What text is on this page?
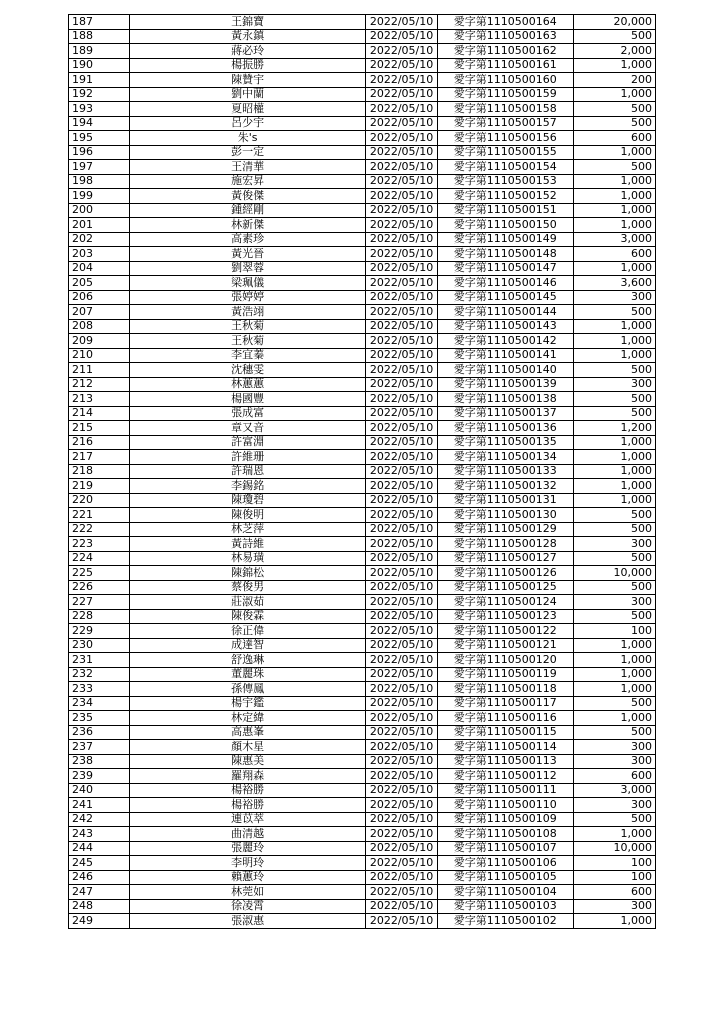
187	王錦寶	2022/05/10	愛字第1110500164	20,000
188	黃永鎮	2022/05/10	愛字第1110500163	500
189	蔣必玲	2022/05/10	愛字第1110500162	2,000
190	楊振勝	2022/05/10	愛字第1110500161	1,000
191	陳贊宇	2022/05/10	愛字第1110500160	200
192	劉中蘭	2022/05/10	愛字第1110500159	1,000
193	夏昭權	2022/05/10	愛字第1110500158	500
194	呂少宇	2022/05/10	愛字第1110500157	500
195	朱's	2022/05/10	愛字第1110500156	600
196	彭一定	2022/05/10	愛字第1110500155	1,000
197	王清華	2022/05/10	愛字第1110500154	500
198	施宏昇	2022/05/10	愛字第1110500153	1,000
199	黃俊傑	2022/05/10	愛字第1110500152	1,000
200	鍾經剛	2022/05/10	愛字第1110500151	1,000
201	林新傑	2022/05/10	愛字第1110500150	1,000
202	高素珍	2022/05/10	愛字第1110500149	3,000
203	黃光晉	2022/05/10	愛字第1110500148	600
204	劉翠蓉	2022/05/10	愛字第1110500147	1,000
205	梁珮儀	2022/05/10	愛字第1110500146	3,600
206	張婷婷	2022/05/10	愛字第1110500145	300
207	黃浩翊	2022/05/10	愛字第1110500144	500
208	王秋菊	2022/05/10	愛字第1110500143	1,000
209	王秋菊	2022/05/10	愛字第1110500142	1,000
210	李宜蓁	2022/05/10	愛字第1110500141	1,000
211	沈穗雯	2022/05/10	愛字第1110500140	500
212	林蕙蕙	2022/05/10	愛字第1110500139	300
213	楊國豐	2022/05/10	愛字第1110500138	500
214	張成富	2022/05/10	愛字第1110500137	500
215	章又音	2022/05/10	愛字第1110500136	1,200
216	許富淵	2022/05/10	愛字第1110500135	1,000
217	許維珊	2022/05/10	愛字第1110500134	1,000
218	許瑞恩	2022/05/10	愛字第1110500133	1,000
219	李錫銘	2022/05/10	愛字第1110500132	1,000
220	陳瓊碧	2022/05/10	愛字第1110500131	1,000
221	陳俊明	2022/05/10	愛字第1110500130	500
222	林芝萍	2022/05/10	愛字第1110500129	500
223	黃詩維	2022/05/10	愛字第1110500128	300
224	林易璜	2022/05/10	愛字第1110500127	500
225	陳錦松	2022/05/10	愛字第1110500126	10,000
226	蔡俊男	2022/05/10	愛字第1110500125	500
227	莊淑茹	2022/05/10	愛字第1110500124	300
228	陳俊霖	2022/05/10	愛字第1110500123	500
229	徐正偉	2022/05/10	愛字第1110500122	100
230	成達智	2022/05/10	愛字第1110500121	1,000
231	舒逸琳	2022/05/10	愛字第1110500120	1,000
232	董麗珠	2022/05/10	愛字第1110500119	1,000
233	孫傳鳳	2022/05/10	愛字第1110500118	1,000
234	楊宇鑑	2022/05/10	愛字第1110500117	500
235	林定緯	2022/05/10	愛字第1110500116	1,000
236	高惠峯	2022/05/10	愛字第1110500115	500
237	顏木星	2022/05/10	愛字第1110500114	300
238	陳惠美	2022/05/10	愛字第1110500113	300
239	羅翔森	2022/05/10	愛字第1110500112	600
240	楊裕勝	2022/05/10	愛字第1110500111	3,000
241	楊裕勝	2022/05/10	愛字第1110500110	300
242	連苡萃	2022/05/10	愛字第1110500109	500
243	曲清越	2022/05/10	愛字第1110500108	1,000
244	張麗玲	2022/05/10	愛字第1110500107	10,000
245	李明玲	2022/05/10	愛字第1110500106	100
246	賴蕙玲	2022/05/10	愛字第1110500105	100
247	林莞如	2022/05/10	愛字第1110500104	600
248	徐凌霄	2022/05/10	愛字第1110500103	300
249	張淑惠	2022/05/10	愛字第1110500102	1,000
